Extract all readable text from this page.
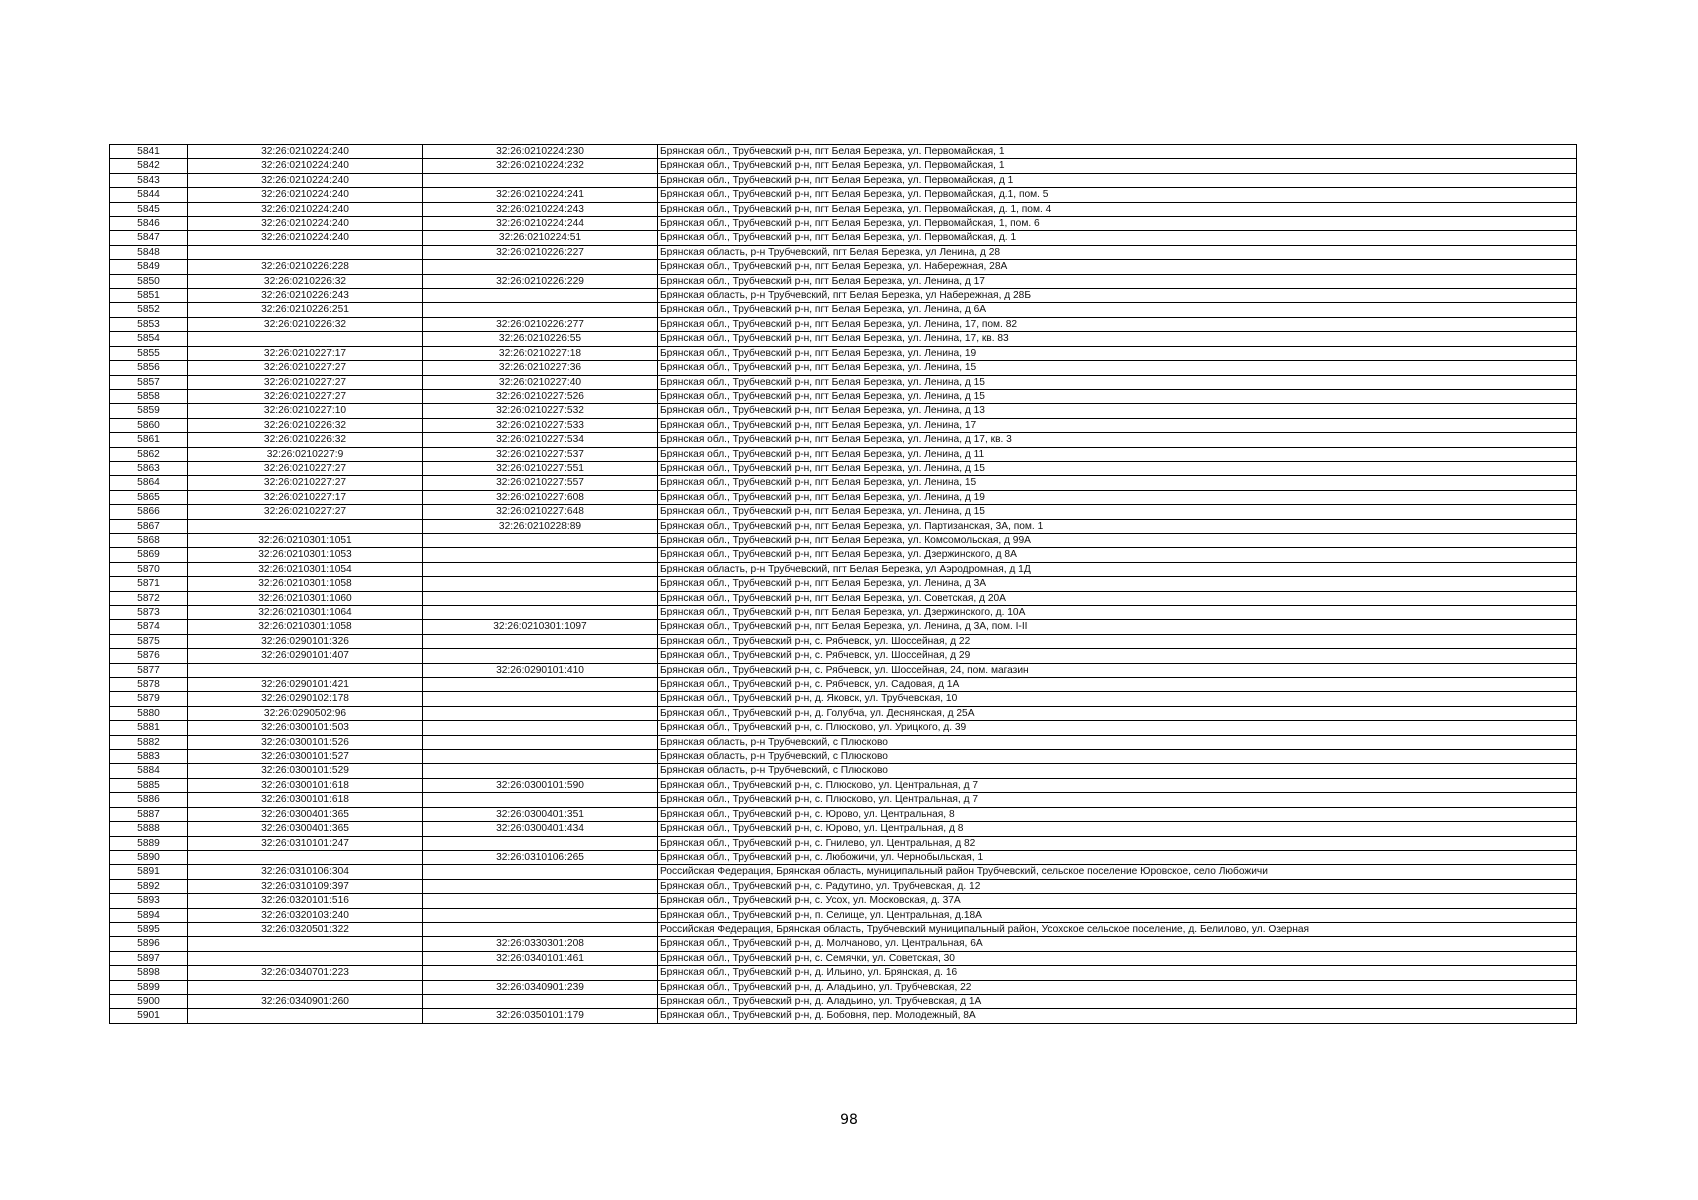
5841	32:26:0210224:240	32:26:0210224:230	Брянская обл., Трубчевский р-н, пгт Белая Березка, ул. Первомайская, 1
5842	32:26:0210224:240	32:26:0210224:232	Брянская обл., Трубчевский р-н, пгт Белая Березка, ул. Первомайская, 1
5843	32:26:0210224:240		Брянская обл., Трубчевский р-н, пгт Белая Березка, ул. Первомайская, д 1
5844	32:26:0210224:240	32:26:0210224:241	Брянская обл., Трубчевский р-н, пгт Белая Березка, ул. Первомайская, д.1, пом. 5
5845	32:26:0210224:240	32:26:0210224:243	Брянская обл., Трубчевский р-н, пгт Белая Березка, ул. Первомайская, д. 1, пом. 4
5846	32:26:0210224:240	32:26:0210224:244	Брянская обл., Трубчевский р-н, пгт Белая Березка, ул. Первомайская, 1, пом. 6
5847	32:26:0210224:240	32:26:0210224:51	Брянская обл., Трубчевский р-н, пгт Белая Березка, ул. Первомайская, д. 1
5848		32:26:0210226:227	Брянская область, р-н Трубчевский, пгт Белая Березка, ул Ленина, д 28
5849	32:26:0210226:228		Брянская обл., Трубчевский р-н, пгт Белая Березка, ул. Набережная, 28А
5850	32:26:0210226:32	32:26:0210226:229	Брянская обл., Трубчевский р-н, пгт Белая Березка, ул. Ленина, д 17
5851	32:26:0210226:243		Брянская область, р-н Трубчевский, пгт Белая Березка, ул Набережная, д 28Б
5852	32:26:0210226:251		Брянская обл., Трубчевский р-н, пгт Белая Березка, ул. Ленина, д 6А
5853	32:26:0210226:32	32:26:0210226:277	Брянская обл., Трубчевский р-н, пгт Белая Березка, ул. Ленина, 17, пом. 82
5854		32:26:0210226:55	Брянская обл., Трубчевский р-н, пгт Белая Березка, ул. Ленина, 17, кв. 83
5855	32:26:0210227:17	32:26:0210227:18	Брянская обл., Трубчевский р-н, пгт Белая Березка, ул. Ленина, 19
5856	32:26:0210227:27	32:26:0210227:36	Брянская обл., Трубчевский р-н, пгт Белая Березка, ул. Ленина, 15
5857	32:26:0210227:27	32:26:0210227:40	Брянская обл., Трубчевский р-н, пгт Белая Березка, ул. Ленина, д 15
5858	32:26:0210227:27	32:26:0210227:526	Брянская обл., Трубчевский р-н, пгт Белая Березка, ул. Ленина, д 15
5859	32:26:0210227:10	32:26:0210227:532	Брянская обл., Трубчевский р-н, пгт Белая Березка, ул. Ленина, д 13
5860	32:26:0210226:32	32:26:0210227:533	Брянская обл., Трубчевский р-н, пгт Белая Березка, ул. Ленина, 17
5861	32:26:0210226:32	32:26:0210227:534	Брянская обл., Трубчевский р-н, пгт Белая Березка, ул. Ленина, д 17, кв. 3
5862	32:26:0210227:9	32:26:0210227:537	Брянская обл., Трубчевский р-н, пгт Белая Березка, ул. Ленина, д 11
5863	32:26:0210227:27	32:26:0210227:551	Брянская обл., Трубчевский р-н, пгт Белая Березка, ул. Ленина, д 15
5864	32:26:0210227:27	32:26:0210227:557	Брянская обл., Трубчевский р-н, пгт Белая Березка, ул. Ленина, 15
5865	32:26:0210227:17	32:26:0210227:608	Брянская обл., Трубчевский р-н, пгт Белая Березка, ул. Ленина, д 19
5866	32:26:0210227:27	32:26:0210227:648	Брянская обл., Трубчевский р-н, пгт Белая Березка, ул. Ленина, д 15
5867		32:26:0210228:89	Брянская обл., Трубчевский р-н, пгт Белая Березка, ул. Партизанская, 3А, пом. 1
5868	32:26:0210301:1051		Брянская обл., Трубчевский р-н, пгт Белая Березка, ул. Комсомольская, д 99А
5869	32:26:0210301:1053		Брянская обл., Трубчевский р-н, пгт Белая Березка, ул. Дзержинского, д 8А
5870	32:26:0210301:1054		Брянская область, р-н Трубчевский, пгт Белая Березка, ул Аэродромная, д 1Д
5871	32:26:0210301:1058		Брянская обл., Трубчевский р-н, пгт Белая Березка, ул. Ленина, д 3А
5872	32:26:0210301:1060		Брянская обл., Трубчевский р-н, пгт Белая Березка, ул. Советская, д 20А
5873	32:26:0210301:1064		Брянская обл., Трубчевский р-н, пгт Белая Березка, ул. Дзержинского, д. 10А
5874	32:26:0210301:1058	32:26:0210301:1097	Брянская обл., Трубчевский р-н, пгт Белая Березка, ул. Ленина, д 3А, пом. I-II
5875	32:26:0290101:326		Брянская обл., Трубчевский р-н, с. Рябчевск, ул. Шоссейная, д 22
5876	32:26:0290101:407		Брянская обл., Трубчевский р-н, с. Рябчевск, ул. Шоссейная, д 29
5877		32:26:0290101:410	Брянская обл., Трубчевский р-н, с. Рябчевск, ул. Шоссейная, 24, пом. магазин
5878	32:26:0290101:421		Брянская обл., Трубчевский р-н, с. Рябчевск, ул. Садовая, д 1А
5879	32:26:0290102:178		Брянская обл., Трубчевский р-н, д. Яковск, ул. Трубчевская, 10
5880	32:26:0290502:96		Брянская обл., Трубчевский р-н, д. Голубча, ул. Деснянская, д 25А
5881	32:26:0300101:503		Брянская обл., Трубчевский р-н, с. Плюсково, ул. Урицкого, д. 39
5882	32:26:0300101:526		Брянская область, р-н Трубчевский, с Плюсково
5883	32:26:0300101:527		Брянская область, р-н Трубчевский, с Плюсково
5884	32:26:0300101:529		Брянская область, р-н Трубчевский, с Плюсково
5885	32:26:0300101:618	32:26:0300101:590	Брянская обл., Трубчевский р-н, с. Плюсково, ул. Центральная, д 7
5886	32:26:0300101:618		Брянская обл., Трубчевский р-н, с. Плюсково, ул. Центральная, д 7
5887	32:26:0300401:365	32:26:0300401:351	Брянская обл., Трубчевский р-н, с. Юрово, ул. Центральная, 8
5888	32:26:0300401:365	32:26:0300401:434	Брянская обл., Трубчевский р-н, с. Юрово, ул. Центральная, д 8
5889	32:26:0310101:247		Брянская обл., Трубчевский р-н, с. Гнилево, ул. Центральная, д 82
5890		32:26:0310106:265	Брянская обл., Трубчевский р-н, с. Любожичи, ул. Чернобыльская, 1
5891	32:26:0310106:304		Российская Федерация, Брянская область, муниципальный район Трубчевский, сельское поселение Юровское, село Любожичи
5892	32:26:0310109:397		Брянская обл., Трубчевский р-н, с. Радутино, ул. Трубчевская, д. 12
5893	32:26:0320101:516		Брянская обл., Трубчевский р-н, с. Усох, ул. Московская, д. 37А
5894	32:26:0320103:240		Брянская обл., Трубчевский р-н, п. Селище, ул. Центральная, д.18А
5895	32:26:0320501:322		Российская Федерация, Брянская область, Трубчевский муниципальный район, Усохское сельское поселение, д. Белилово, ул. Озерная
5896		32:26:0330301:208	Брянская обл., Трубчевский р-н, д. Молчаново, ул. Центральная, 6А
5897		32:26:0340101:461	Брянская обл., Трубчевский р-н, с. Семячки, ул. Советская, 30
5898	32:26:0340701:223		Брянская обл., Трубчевский р-н, д. Ильино, ул. Брянская, д. 16
5899		32:26:0340901:239	Брянская обл., Трубчевский р-н, д. Аладьино, ул. Трубчевская, 22
5900	32:26:0340901:260		Брянская обл., Трубчевский р-н, д. Аладьино, ул. Трубчевская, д 1А
5901		32:26:0350101:179	Брянская обл., Трубчевский р-н, д. Бобовня, пер. Молодежный, 8А
98
